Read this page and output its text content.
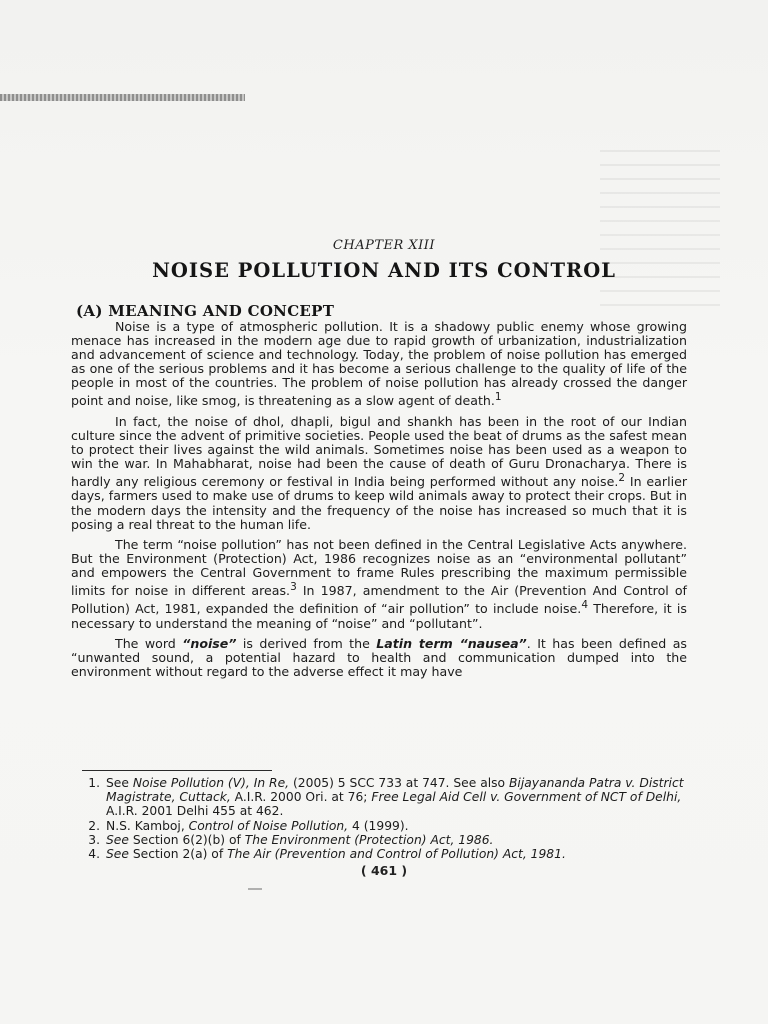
CHAPTER XIII
NOISE POLLUTION AND ITS CONTROL
(A) MEANING AND CONCEPT

Noise is a type of atmospheric pollution. It is a shadowy public enemy whose growing menace has increased in the modern age due to rapid growth of urbanization, industrialization and advancement of science and technology. Today, the problem of noise pollution has emerged as one of the serious problems and it has become a serious challenge to the quality of life of the people in most of the countries. The problem of noise pollution has already crossed the danger point and noise, like smog, is threatening as a slow agent of death.$^1$

In fact, the noise of dhol, dhapli, bigul and shankh has been in the root of our Indian culture since the advent of primitive societies. People used the beat of drums as the safest mean to protect their lives against the wild animals. Sometimes noise has been used as a weapon to win the war. In Mahabharat, noise had been the cause of death of Guru Dronacharya. There is hardly any religious ceremony or festival in India being performed without any noise.$^2$ In earlier days, farmers used to make use of drums to keep wild animals away to protect their crops. But in the modern days the intensity and the frequency of the noise has increased so much that it is posing a real threat to the human life.

The term “noise pollution” has not been defined in the Central Legislative Acts anywhere. But the Environment (Protection) Act, 1986 recognizes noise as an “environmental pollutant” and empowers the Central Government to frame Rules prescribing the maximum permissible limits for noise in different areas.$^3$ In 1987, amendment to the Air (Prevention And Control of Pollution) Act, 1981, expanded the definition of “air pollution” to include noise.$^4$ Therefore, it is necessary to understand the meaning of “noise” and “pollutant”.

The word “noise” is derived from the Latin term “nausea”. It has been defined as “unwanted sound, a potential hazard to health and communication dumped into the environment without regard to the adverse effect it may have

1. See Noise Pollution (V), In Re, (2005) 5 SCC 733 at 747. See also Bijayananda Patra v. District Magistrate, Cuttack, A.I.R. 2000 Ori. at 76; Free Legal Aid Cell v. Government of NCT of Delhi, A.I.R. 2001 Delhi 455 at 462.
2. N.S. Kamboj, Control of Noise Pollution, 4 (1999).
3. See Section 6(2)(b) of The Environment (Protection) Act, 1986.
4. See Section 2(a) of The Air (Prevention and Control of Pollution) Act, 1981.
( 461 )
